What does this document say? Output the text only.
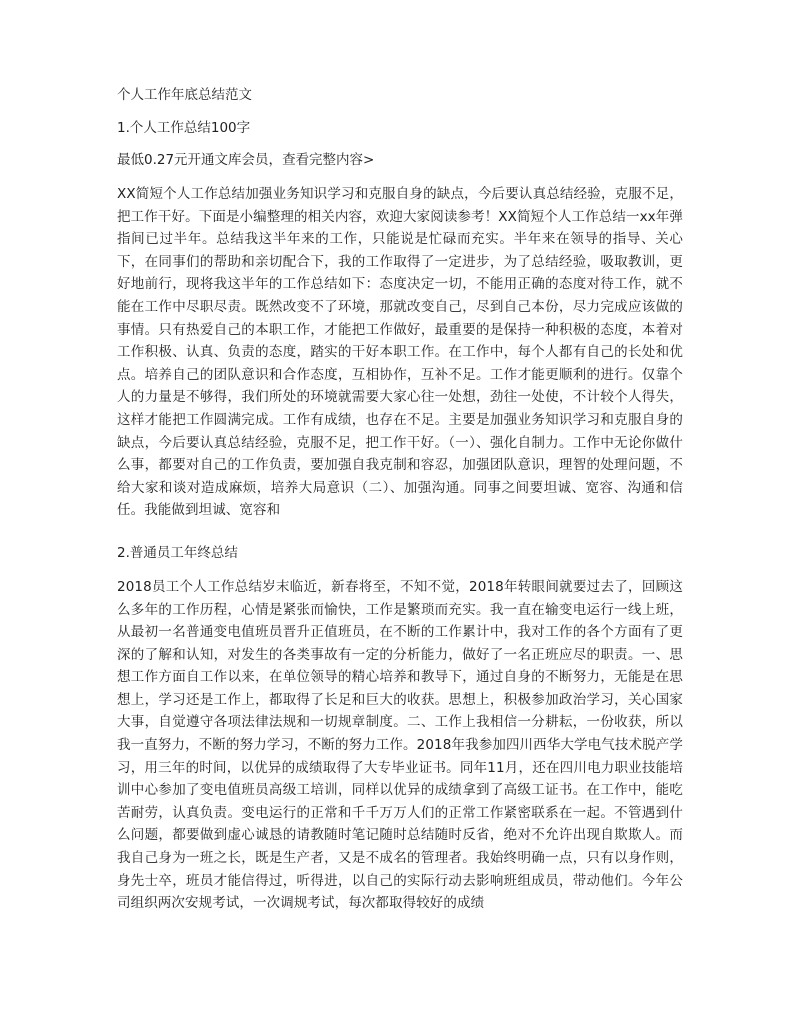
个人工作年底总结范文
1.个人工作总结100字

最低0.27元开通文库会员，查看完整内容>

XX简短个人工作总结加强业务知识学习和克服自身的缺点，今后要认真总结经验，克服不足，把工作干好。下面是小编整理的相关内容，欢迎大家阅读参考！XX简短个人工作总结一xx年弹指间已过半年。总结我这半年来的工作，只能说是忙碌而充实。半年来在领导的指导、关心下，在同事们的帮助和亲切配合下，我的工作取得了一定进步，为了总结经验，吸取教训，更好地前行，现将我这半年的工作总结如下：态度决定一切，不能用正确的态度对待工作，就不能在工作中尽职尽责。既然改变不了环境，那就改变自己，尽到自己本份，尽力完成应该做的事情。只有热爱自己的本职工作，才能把工作做好，最重要的是保持一种积极的态度，本着对工作积极、认真、负责的态度，踏实的干好本职工作。在工作中，每个人都有自己的长处和优点。培养自己的团队意识和合作态度，互相协作，互补不足。工作才能更顺利的进行。仅靠个人的力量是不够得，我们所处的环境就需要大家心往一处想，劲往一处使，不计较个人得失，这样才能把工作圆满完成。工作有成绩，也存在不足。主要是加强业务知识学习和克服自身的缺点，今后要认真总结经验，克服不足，把工作干好。（一）、强化自制力。工作中无论你做什么事，都要对自己的工作负责，要加强自我克制和容忍，加强团队意识，理智的处理问题，不给大家和谈对造成麻烦，培养大局意识（二）、加强沟通。同事之间要坦诚、宽容、沟通和信任。我能做到坦诚、宽容和

2.普通员工年终总结

2018员工个人工作总结岁末临近，新春将至，不知不觉，2018年转眼间就要过去了，回顾这么多年的工作历程，心情是紧张而愉快，工作是繁琐而充实。我一直在输变电运行一线上班，从最初一名普通变电值班员晋升正值班员，在不断的工作累计中，我对工作的各个方面有了更深的了解和认知，对发生的各类事故有一定的分析能力，做好了一名正班应尽的职责。一、思想工作方面自工作以来，在单位领导的精心培养和教导下，通过自身的不断努力，无能是在思想上，学习还是工作上，都取得了长足和巨大的收获。思想上，积极参加政治学习，关心国家大事，自觉遵守各项法律法规和一切规章制度。二、工作上我相信一分耕耘，一份收获，所以我一直努力，不断的努力学习，不断的努力工作。2018年我参加四川西华大学电气技术脱产学习，用三年的时间，以优异的成绩取得了大专毕业证书。同年11月，还在四川电力职业技能培训中心参加了变电值班员高级工培训，同样以优异的成绩拿到了高级工证书。在工作中，能吃苦耐劳，认真负责。变电运行的正常和千千万万人们的正常工作紧密联系在一起。不管遇到什么问题，都要做到虚心诚恳的请教随时笔记随时总结随时反省，绝对不允许出现自欺欺人。而我自己身为一班之长，既是生产者，又是不成名的管理者。我始终明确一点，只有以身作则，身先士卒，班员才能信得过，听得进，以自己的实际行动去影响班组成员，带动他们。今年公司组织两次安规考试，一次调规考试，每次都取得较好的成绩
